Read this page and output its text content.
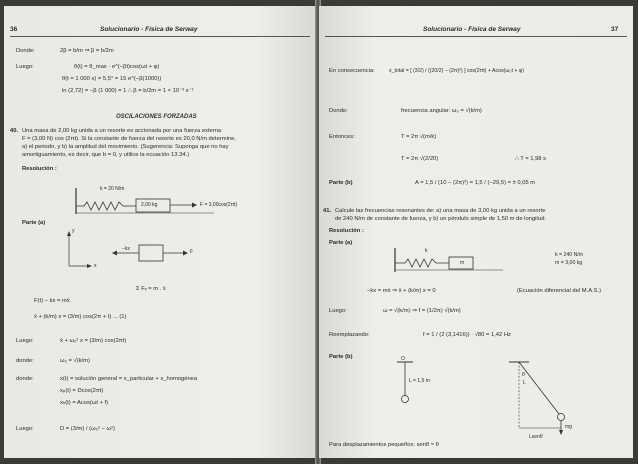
36	Solucionario - Física de Serway
Donde:	2β = b/m ⇒ β = b/2m
Luego:	θ(t) = θ_max · e^(−βt)cos(ωt + φ)
θ(t = 1 000 s) = 5,5° = 15 e^(−β(1000))
ln (2,72) = −β (1 000) = 1 ∴ β = b/2m = 1 × 10⁻³ s⁻¹
OSCILACIONES FORZADAS
40. Una masa de 2,00 kg unida a un resorte es accionada por una fuerza externa
F = (3,00 N) cos (2πt). Si la constante de fuerza del resorte es 20,0 N/m determine,
a) el periodo, y b) la amplitud del movimiento. (Sugerencia: Suponga que no hay
amortiguamiento, es decir, que b = 0, y utilice la ecuación 13.34.)
Resolución :
k = 20 N/m
2,00 kg	F = 3,00cos(2πt)
Parte (a)
y
x
−kx	F
Σ Fₓ = m . ẍ
F(t) − kx = mẍ
ẍ + (k/m) x = (3/m) cos(2π + t) ... (1)
Luego:	ẍ + ω₀² x = (3/m) cos(2πt)
donde:	ω₀ = √(k/m)
donde:	x(t) = solución general = x_particular + x_homogénea
xₚ(t) = Dcos(2πt)
xₕ(t) = Acos(ωt + f)
Luego:	D = (3/m) / (ω₀² − ω²)
Solucionario - Física de Serway	37
En consecuencia:	x_total = [ (3/2) / ((20/2) − (2π)²) ] cos(2πt) + Acos(ω₀t + φ)
Donde:	frecuencia angular: ω₀ = √(k/m)
Entonces:	T = 2π √(m/k)
T = 2π √(2/20)	∴ T = 1,98 s
Parte (b)	A = 1,5 / (10 − (2π)²) = 1,5 / (−29,5) = ± 0,05 m
41. Calcule las frecuencias resonantes de: a) una masa de 3,00 kg unida a un resorte
de 240 N/m de constante de fuerza, y b) un péndulo simple de 1,50 m de longitud.
Resolución :
Parte (a)
k
m
k = 240 N/m
m = 3,00 kg
−kx = mẍ ⇒ ẍ + (k/m) x = 0	(Ecuación diferencial del M.A.S.)
Luego:	ω = √(k/m) ⇒ f = (1/2π) √(k/m)
Reemplazando:	f = 1 / (2 (3,1416)) · √80 = 1,42 Hz
Parte (b)	O
L = 1,5 m	L
θ
mg
Lsenθ
Para desplazamientos pequeños: senθ ≈ θ
